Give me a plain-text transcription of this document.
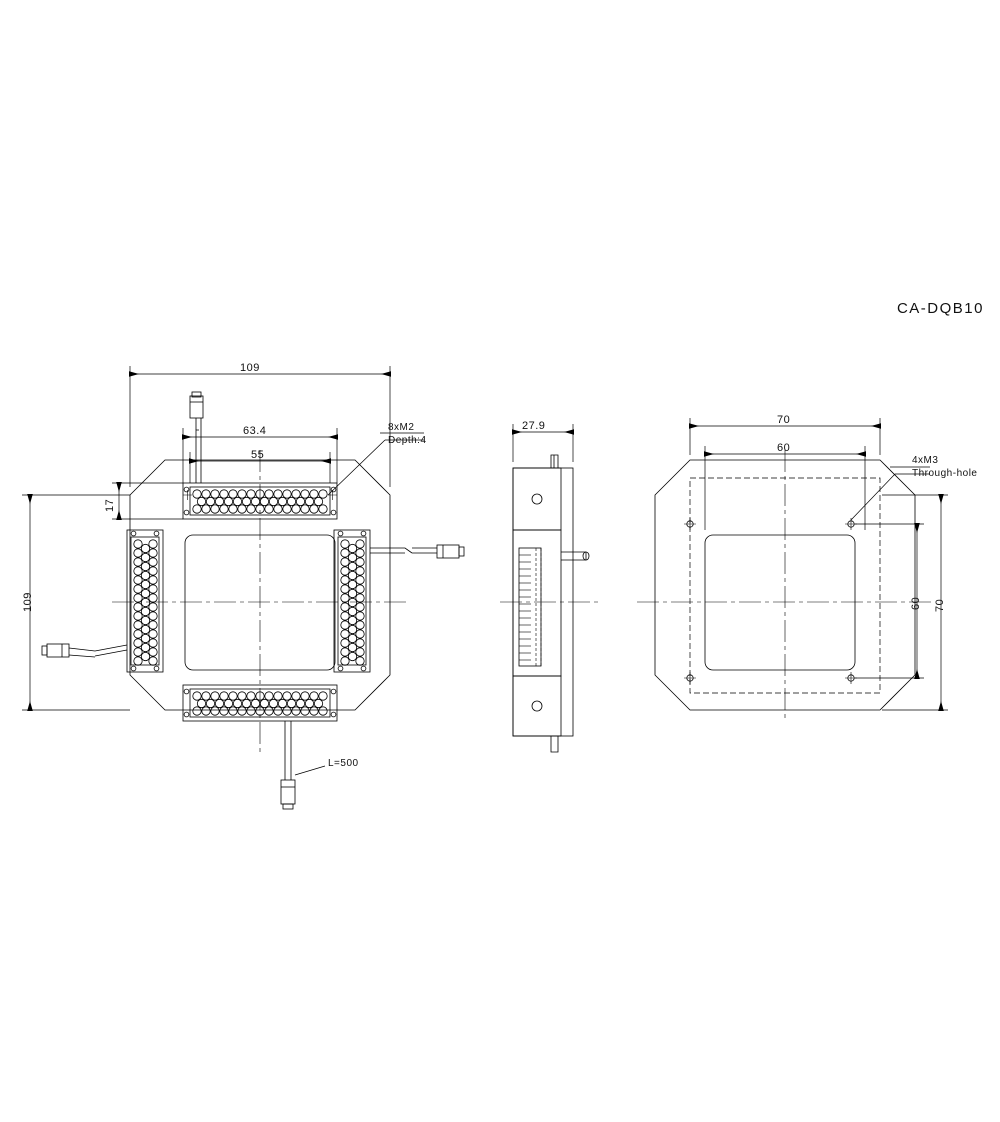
CA-DQB10
109
109
63.4
55
17
8xM2
Depth:4
L=500
27.9	70
60
60 70
4xM3
Through-hole
